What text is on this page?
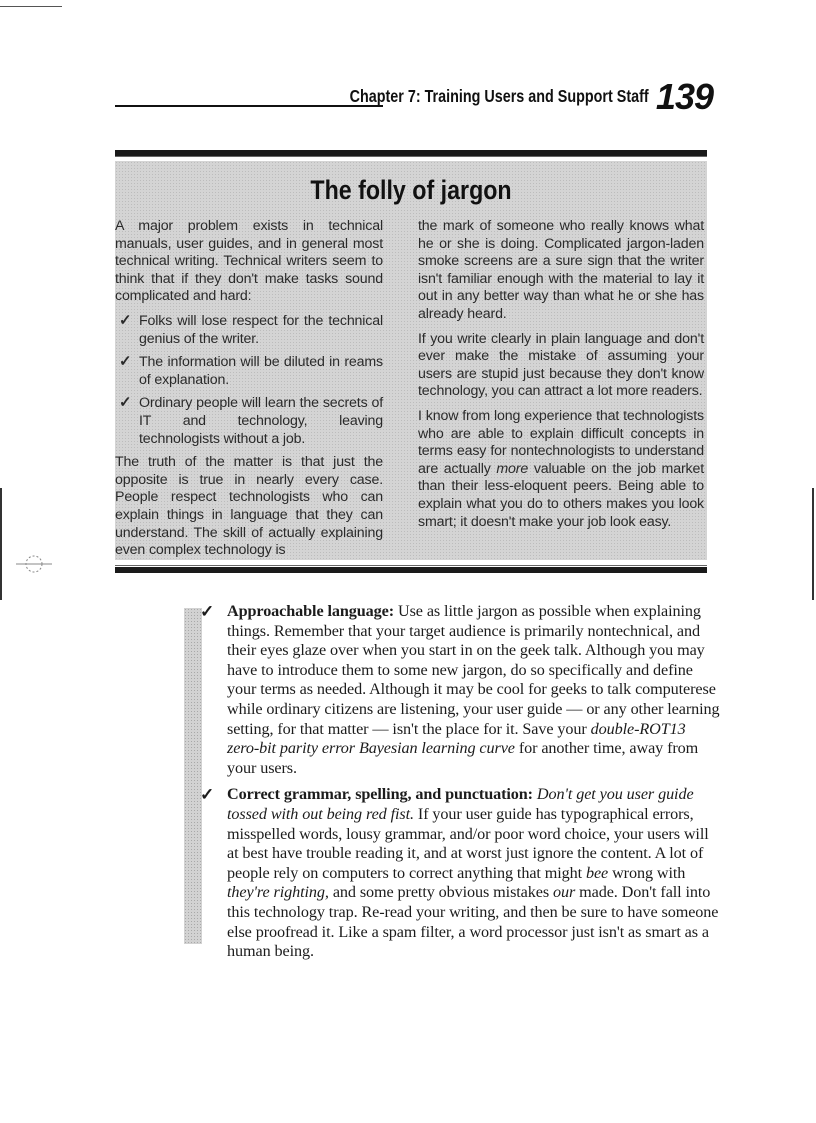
Chapter 7: Training Users and Support Staff 139
The folly of jargon

A major problem exists in technical manuals, user guides, and in general most technical writing. Technical writers seem to think that if they don't make tasks sound complicated and hard:

✓ Folks will lose respect for the technical genius of the writer.
✓ The information will be diluted in reams of explanation.
✓ Ordinary people will learn the secrets of IT and technology, leaving technologists without a job.

The truth of the matter is that just the opposite is true in nearly every case. People respect technologists who can explain things in language that they can understand. The skill of actually explaining even complex technology is

the mark of someone who really knows what he or she is doing. Complicated jargon-laden smoke screens are a sure sign that the writer isn't familiar enough with the material to lay it out in any better way than what he or she has already heard.

If you write clearly in plain language and don't ever make the mistake of assuming your users are stupid just because they don't know technology, you can attract a lot more readers.

I know from long experience that technologists who are able to explain difficult concepts in terms easy for nontechnologists to understand are actually more valuable on the job market than their less-eloquent peers. Being able to explain what you do to others makes you look smart; it doesn't make your job look easy.

✓ Approachable language: Use as little jargon as possible when explaining things. Remember that your target audience is primarily nontechnical, and their eyes glaze over when you start in on the geek talk. Although you may have to introduce them to some new jargon, do so specifically and define your terms as needed. Although it may be cool for geeks to talk computerese while ordinary citizens are listening, your user guide — or any other learning setting, for that matter — isn't the place for it. Save your double-ROT13 zero-bit parity error Bayesian learning curve for another time, away from your users.
✓ Correct grammar, spelling, and punctuation: Don't get you user guide tossed with out being red fist. If your user guide has typographical errors, misspelled words, lousy grammar, and/or poor word choice, your users will at best have trouble reading it, and at worst just ignore the content. A lot of people rely on computers to correct anything that might bee wrong with they're righting, and some pretty obvious mistakes our made. Don't fall into this technology trap. Re-read your writing, and then be sure to have someone else proofread it. Like a spam filter, a word processor just isn't as smart as a human being.
